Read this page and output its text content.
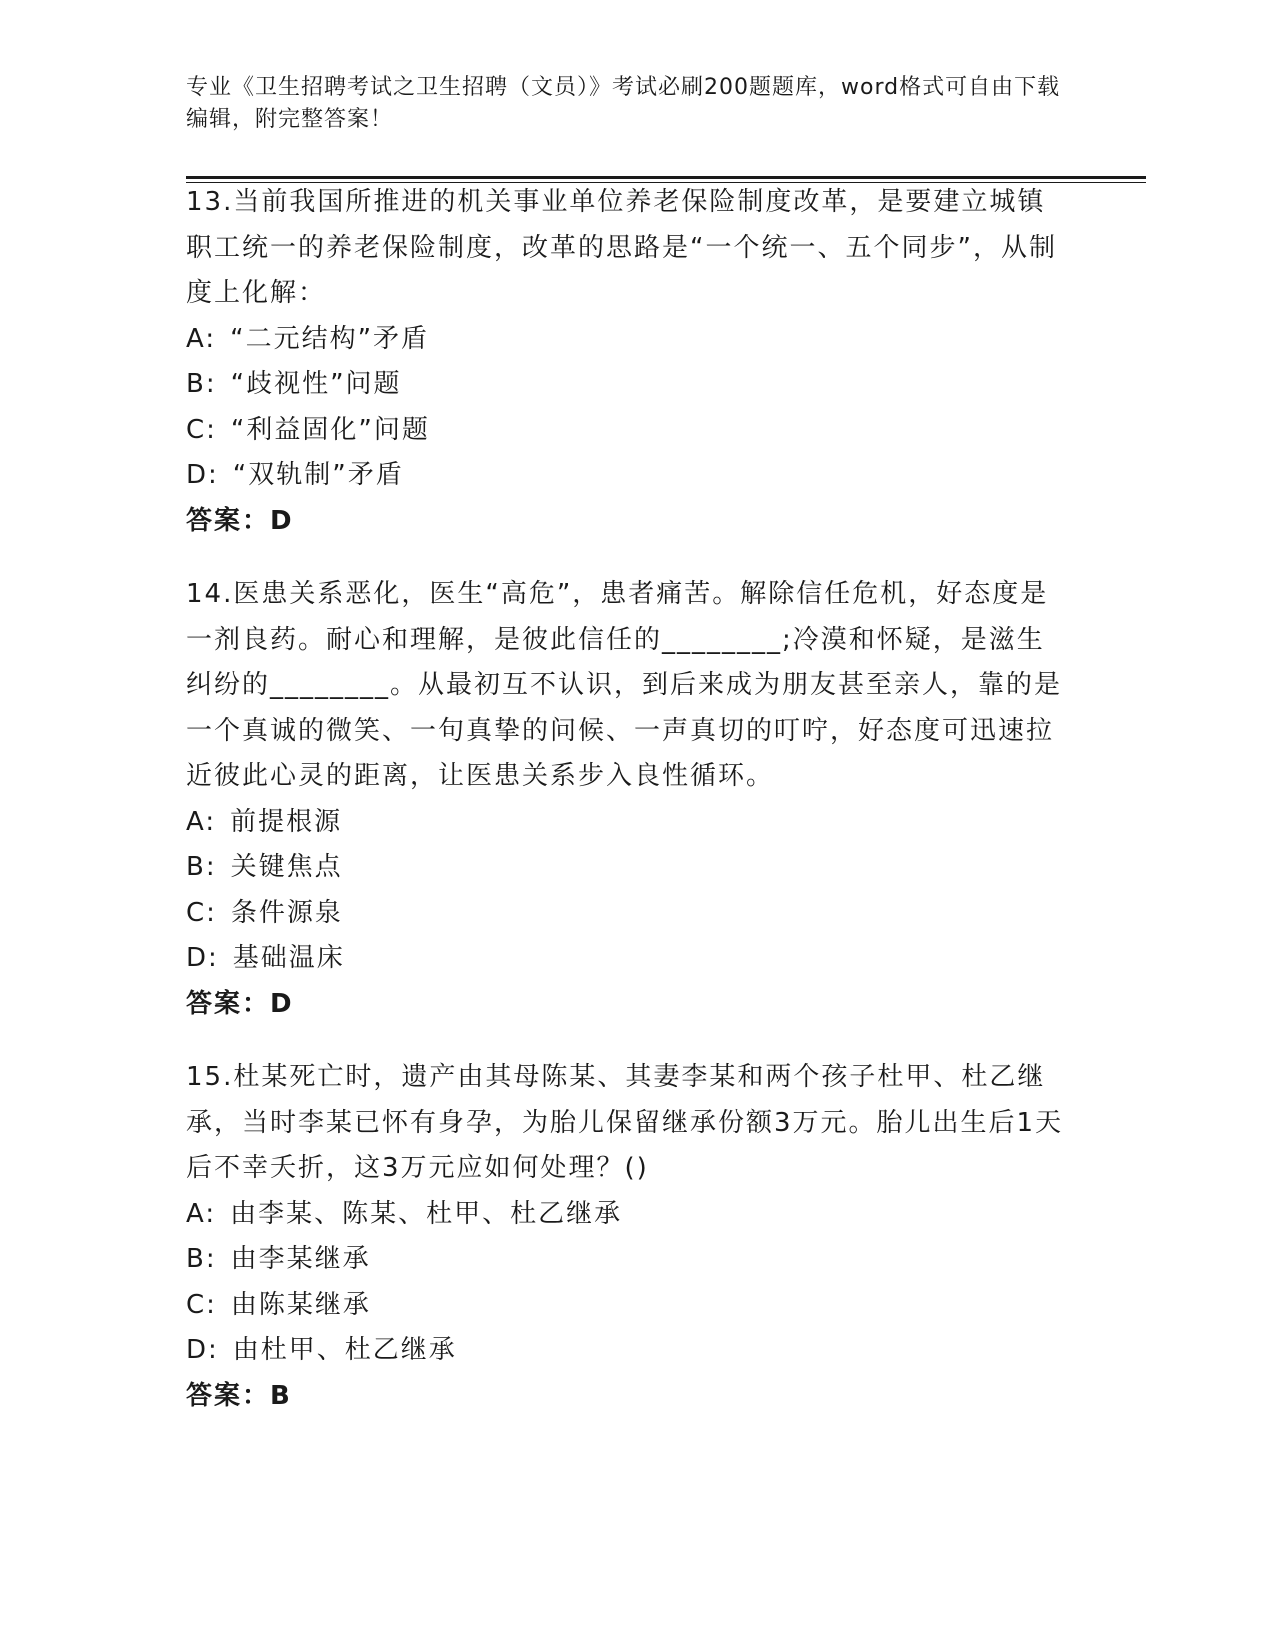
专业《卫生招聘考试之卫生招聘（文员）》考试必刷200题题库，word格式可自由下载编辑，附完整答案！

13.当前我国所推进的机关事业单位养老保险制度改革，是要建立城镇职工统一的养老保险制度，改革的思路是“一个统一、五个同步”，从制度上化解：

A: “二元结构”矛盾
B: “歧视性”问题
C: “利益固化”问题
D: “双轨制”矛盾
答案： D

14.医患关系恶化，医生“高危”，患者痛苦。解除信任危机，好态度是一剂良药。耐心和理解，是彼此信任的________;冷漠和怀疑，是滋生纠纷的________。从最初互不认识，到后来成为朋友甚至亲人，靠的是一个真诚的微笑、一句真挚的问候、一声真切的叮咛，好态度可迅速拉近彼此心灵的距离，让医患关系步入良性循环。

A: 前提根源
B: 关键焦点
C: 条件源泉
D: 基础温床
答案： D

15.杜某死亡时，遗产由其母陈某、其妻李某和两个孩子杜甲、杜乙继承，当时李某已怀有身孕，为胎儿保留继承份额3万元。胎儿出生后1天后不幸夭折，这3万元应如何处理？()

A: 由李某、陈某、杜甲、杜乙继承
B: 由李某继承
C: 由陈某继承
D: 由杜甲、杜乙继承
答案： B
